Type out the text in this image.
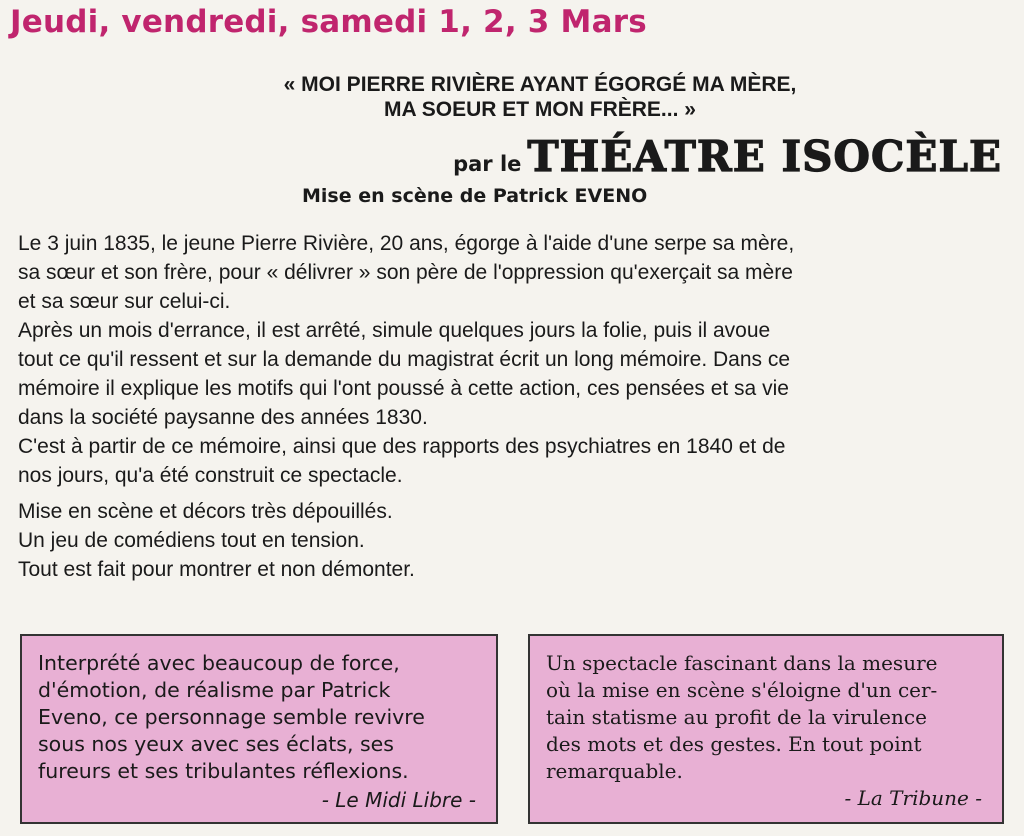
Jeudi, vendredi, samedi 1, 2, 3 Mars
« MOI PIERRE RIVIÈRE AYANT ÉGORGÉ MA MÈRE,
MA SOEUR ET MON FRÈRE... »
par le THÉATRE ISOCÈLE
Mise en scène de Patrick EVENO

Le 3 juin 1835, le jeune Pierre Rivière, 20 ans, égorge à l'aide d'une serpe sa mère,

sa sœur et son frère, pour « délivrer » son père de l'oppression qu'exerçait sa mère

et sa sœur sur celui-ci.

Après un mois d'errance, il est arrêté, simule quelques jours la folie, puis il avoue

tout ce qu'il ressent et sur la demande du magistrat écrit un long mémoire. Dans ce

mémoire il explique les motifs qui l'ont poussé à cette action, ces pensées et sa vie

dans la société paysanne des années 1830.

C'est à partir de ce mémoire, ainsi que des rapports des psychiatres en 1840 et de

nos jours, qu'a été construit ce spectacle.

Mise en scène et décors très dépouillés.

Un jeu de comédiens tout en tension.

Tout est fait pour montrer et non démonter.

Interprété avec beaucoup de force,
d'émotion, de réalisme par Patrick
Eveno, ce personnage semble revivre
sous nos yeux avec ses éclats, ses
fureurs et ses tribulantes réflexions.
- Le Midi Libre -
Un spectacle fascinant dans la mesure
où la mise en scène s'éloigne d'un cer-
tain statisme au profit de la virulence
des mots et des gestes. En tout point
remarquable.
- La Tribune -
